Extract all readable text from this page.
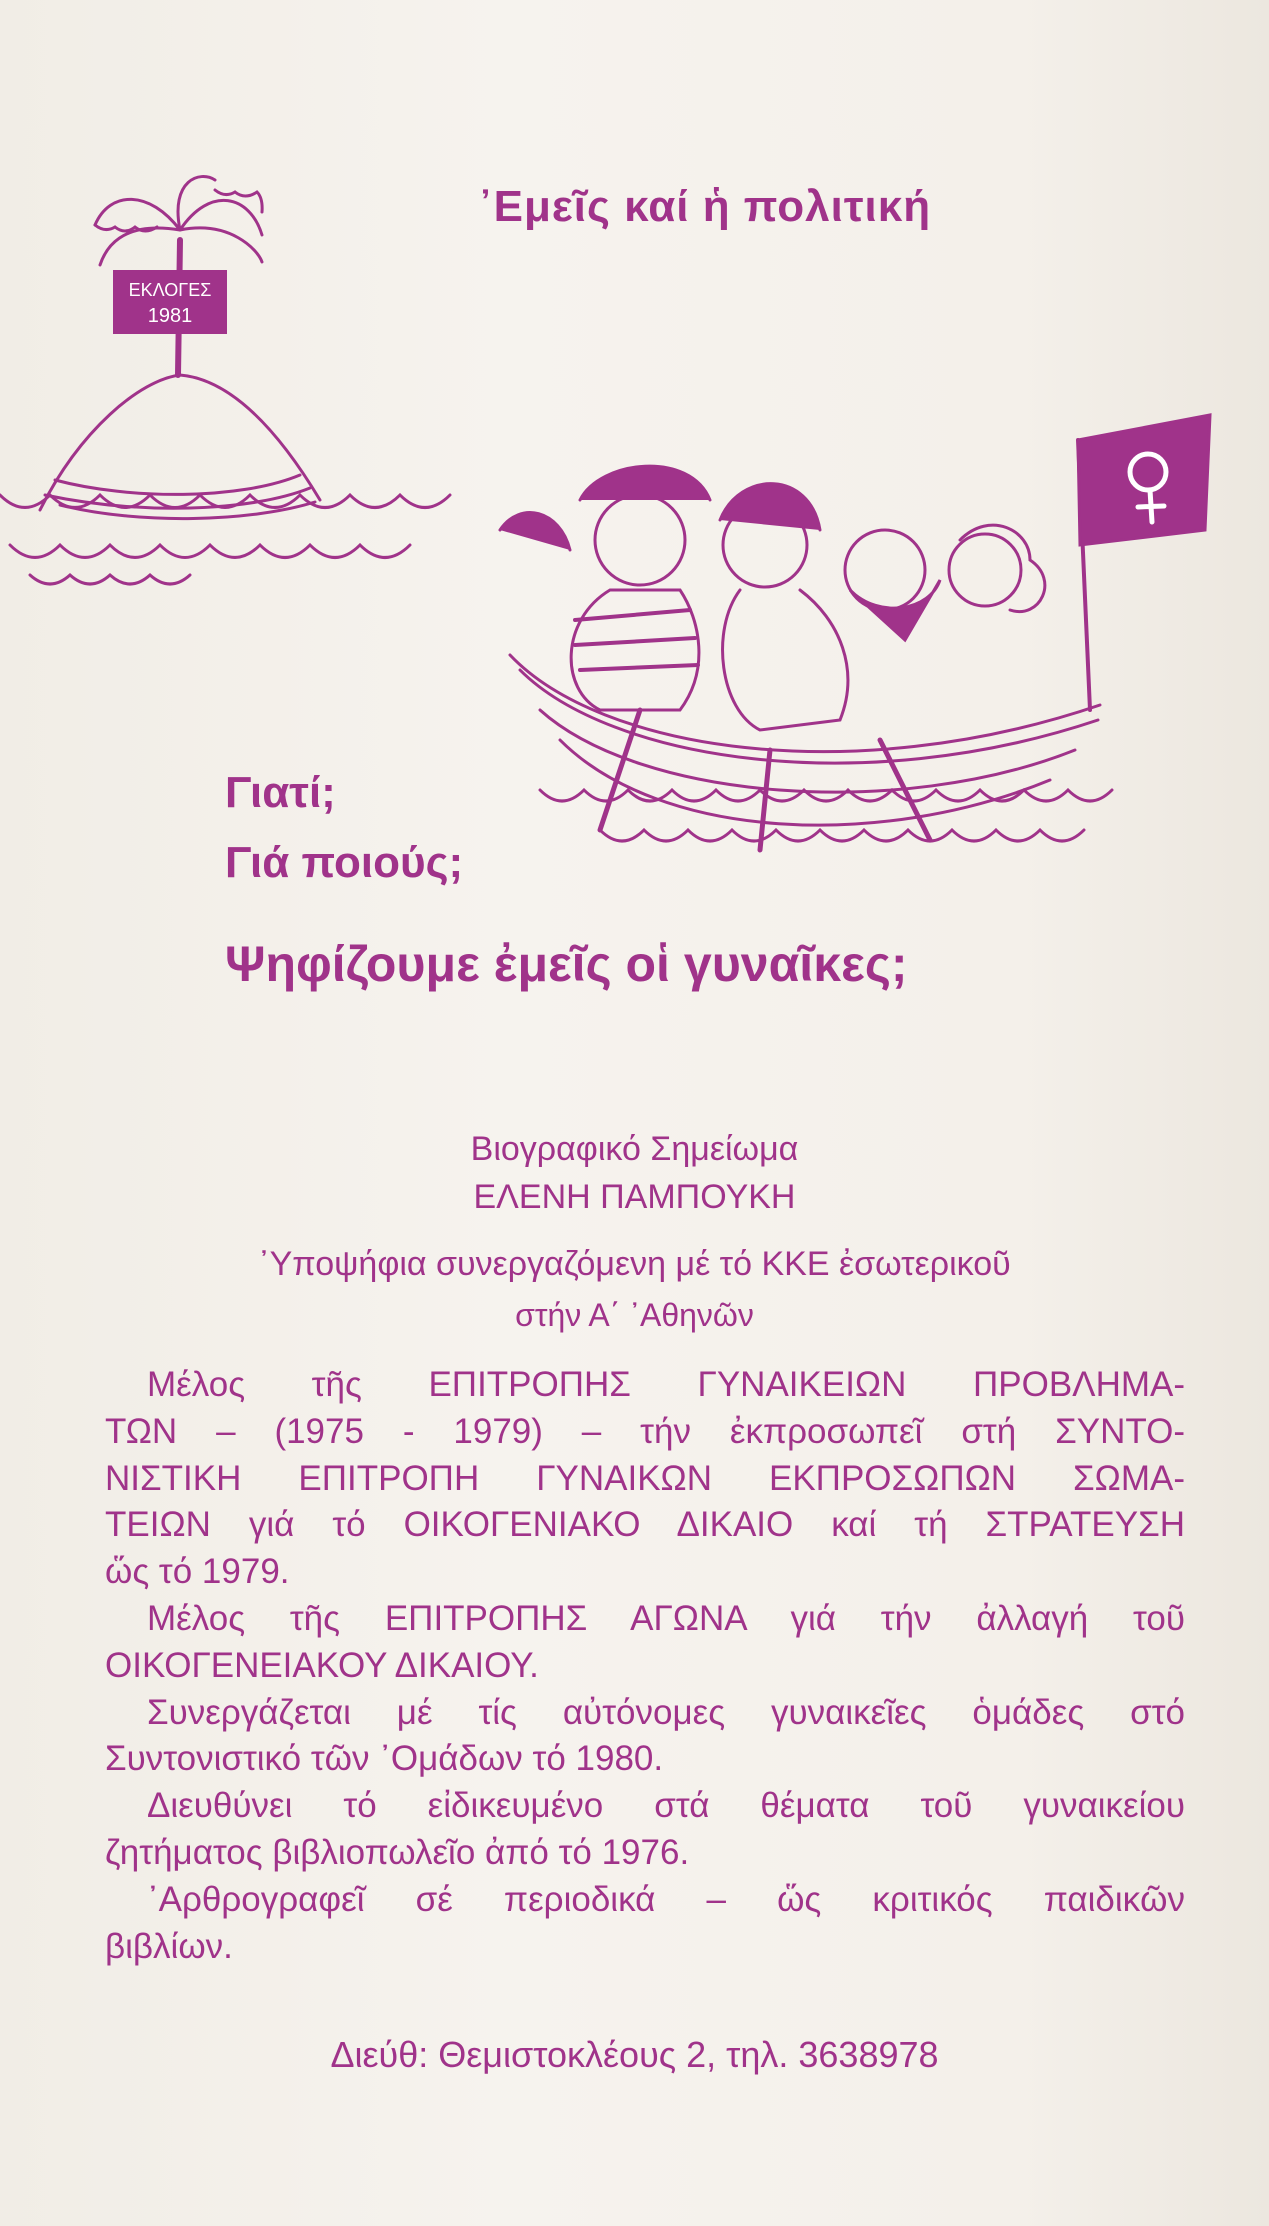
ΕΚΛΟΓΕΣ
1981
᾽Εμεῖς καί ἡ πολιτική
Γιατί;
Γιά ποιούς;
Ψηφίζουμε ἐμεῖς οἱ γυναῖκες;
Βιογραφικό Σημείωμα
ΕΛΕΝΗ ΠΑΜΠΟΥΚΗ
᾽Υποψήφια συνεργαζόμενη μέ τό ΚΚΕ ἐσωτερικοῦ
στήν Α΄ ᾽Αθηνῶν
Μέλος τῆς ΕΠΙΤΡΟΠΗΣ ΓΥΝΑΙΚΕΙΩΝ ΠΡΟΒΛΗΜΑ-
ΤΩΝ – (1975 - 1979) – τήν ἐκπροσωπεῖ στή ΣΥΝΤΟ-
ΝΙΣΤΙΚΗ ΕΠΙΤΡΟΠΗ ΓΥΝΑΙΚΩΝ ΕΚΠΡΟΣΩΠΩΝ ΣΩΜΑ-
ΤΕΙΩΝ γιά τό ΟΙΚΟΓΕΝΙΑΚΟ ΔΙΚΑΙΟ καί τή ΣΤΡΑΤΕΥΣΗ
ὥς τό 1979.
Μέλος τῆς ΕΠΙΤΡΟΠΗΣ ΑΓΩΝΑ γιά τήν ἀλλαγή τοῦ
ΟΙΚΟΓΕΝΕΙΑΚΟΥ ΔΙΚΑΙΟΥ.
Συνεργάζεται μέ τίς αὐτόνομες γυναικεῖες ὁμάδες στό
Συντονιστικό τῶν ᾽Ομάδων τό 1980.
Διευθύνει τό εἰδικευμένο στά θέματα τοῦ γυναικείου
ζητήματος βιβλιοπωλεῖο ἀπό τό 1976.
᾽Αρθρογραφεῖ σέ περιοδικά – ὥς κριτικός παιδικῶν
βιβλίων.
Διεύθ: Θεμιστοκλέους 2, τηλ. 3638978
